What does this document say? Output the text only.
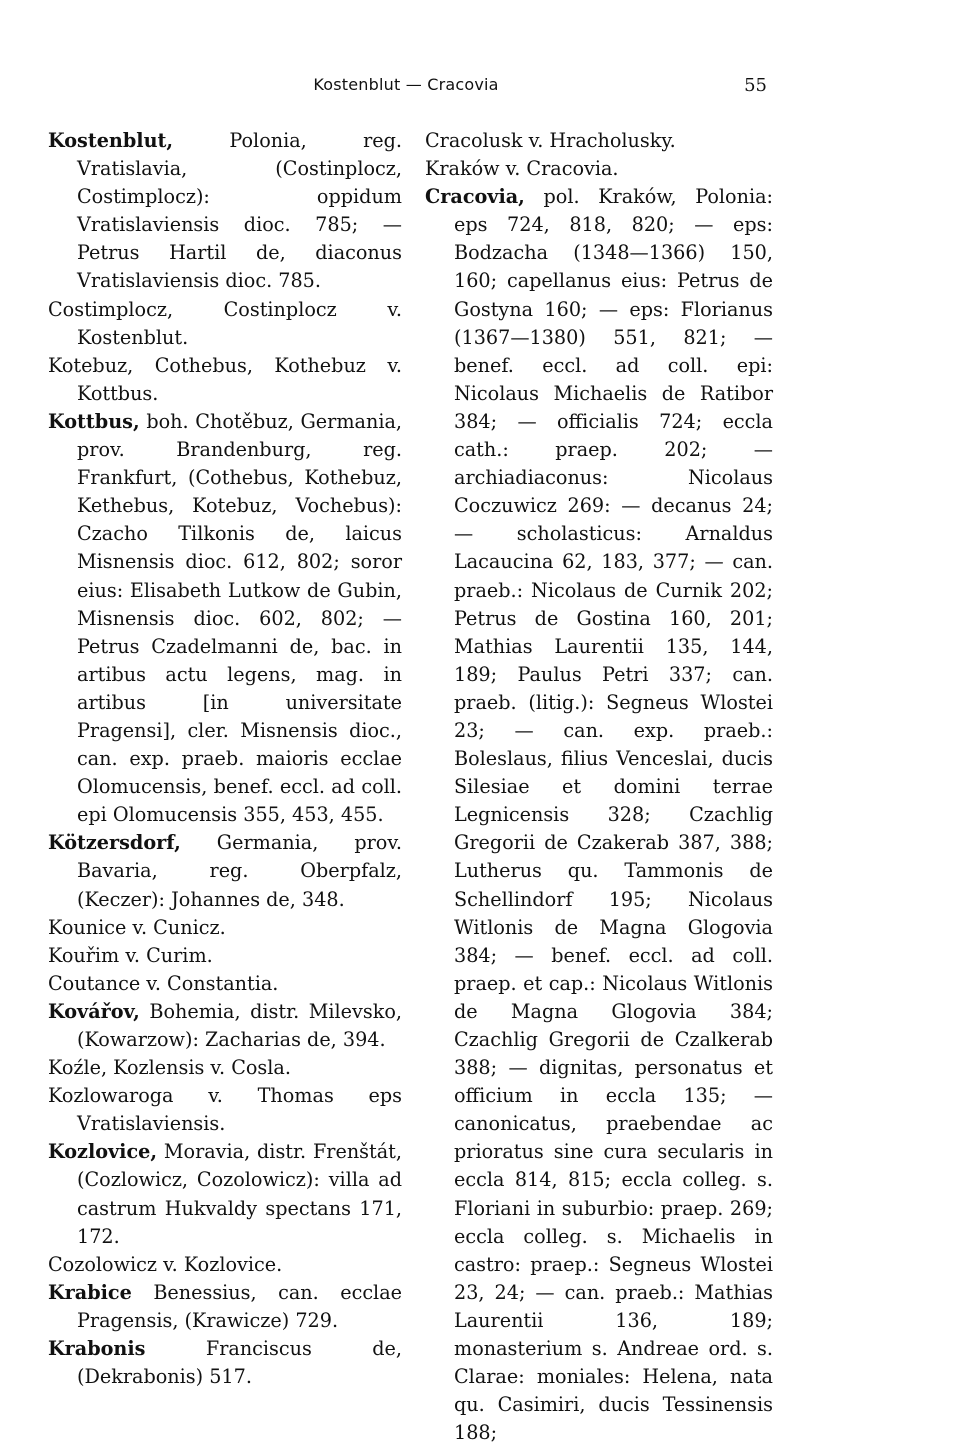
Kostenblut — Cracovia	55

Kostenblut,	Polonia, reg. Vratislavia, (Costinplocz, Costimplocz): oppidum Vratislaviensis dioc. 785; — Petrus Hartil de, diaconus Vratislaviensis dioc. 785.

Costimplocz, Costinplocz v. Kostenblut.

Kotebuz, Cothebus, Kothebuz v. Kottbus.

Kottbus, boh. Chotěbuz, Germania, prov. Brandenburg, reg. Frankfurt, (Cothebus, Kothebuz, Kethebus, Kotebuz, Vochebus): Czacho Tilkonis de, laicus Misnensis dioc. 612, 802; soror eius: Elisabeth Lutkow de Gubin, Misnensis dioc. 602, 802; — Petrus Czadelmanni de, bac. in artibus actu legens, mag. in artibus [in universitate Pragensi], cler. Misnensis dioc., can. exp. praeb. maioris ecclae Olomucensis, benef. eccl. ad coll. epi Olomucensis 355, 453, 455.

Kötzersdorf, Germania, prov. Bavaria, reg. Oberpfalz, (Keczer): Johannes de, 348.

Kounice v. Cunicz.

Kouřim v. Curim.

Coutance v. Constantia.

Kovářov, Bohemia, distr. Milevsko, (Kowarzow): Zacharias de, 394.

Koźle, Kozlensis v. Cosla.

Kozlowaroga v. Thomas eps Vratislaviensis.

Kozlovice, Moravia, distr. Frenštát, (Cozlowicz, Cozolowicz): villa ad castrum Hukvaldy spectans 171, 172.

Cozolowicz v. Kozlovice.

Krabice Benessius, can. ecclae Pragensis, (Krawicze) 729.

Krabonis	Franciscus de, (Dekrabonis) 517.

Cracolusk v. Hracholusky.

Kraków v. Cracovia.

Cracovia, pol. Kraków, Polonia: eps 724, 818, 820; — eps: Bodzacha (1348—1366) 150, 160; capellanus eius: Petrus de Gostyna 160; — eps: Florianus (1367—1380) 551, 821; — benef. eccl. ad coll. epi: Nicolaus Michaelis de Ratibor 384; — officialis 724; eccla cath.: praep. 202; — archiadiaconus: Nicolaus Coczuwicz 269: — decanus 24; — scholasticus: Arnaldus Lacaucina 62, 183, 377; — can. praeb.: Nicolaus de Curnik 202; Petrus de Gostina 160, 201; Mathias Laurentii 135, 144, 189; Paulus Petri 337; can. praeb. (litig.): Segneus Wlostei 23; — can. exp. praeb.: Boleslaus, filius Venceslai, ducis Silesiae et domini terrae Legnicensis 328; Czachlig Gregorii de Czakerab 387, 388; Lutherus qu. Tammonis de Schellindorf 195; Nicolaus Witlonis de Magna Glogovia 384; — benef. eccl. ad coll. praep. et cap.: Nicolaus Witlonis de Magna Glogovia 384; Czachlig Gregorii de Czalkerab 388; — dignitas, personatus et officium in eccla 135; — canonicatus, praebendae ac prioratus sine cura secularis in eccla 814, 815; eccla colleg. s. Floriani in suburbio: praep. 269; eccla colleg. s. Michaelis in castro: praep.: Segneus Wlostei 23, 24; — can. praeb.: Mathias Laurentii 136, 189; monasterium s. Andreae ord. s. Clarae: moniales: Helena, nata qu. Casimiri, ducis Tessinensis 188;
